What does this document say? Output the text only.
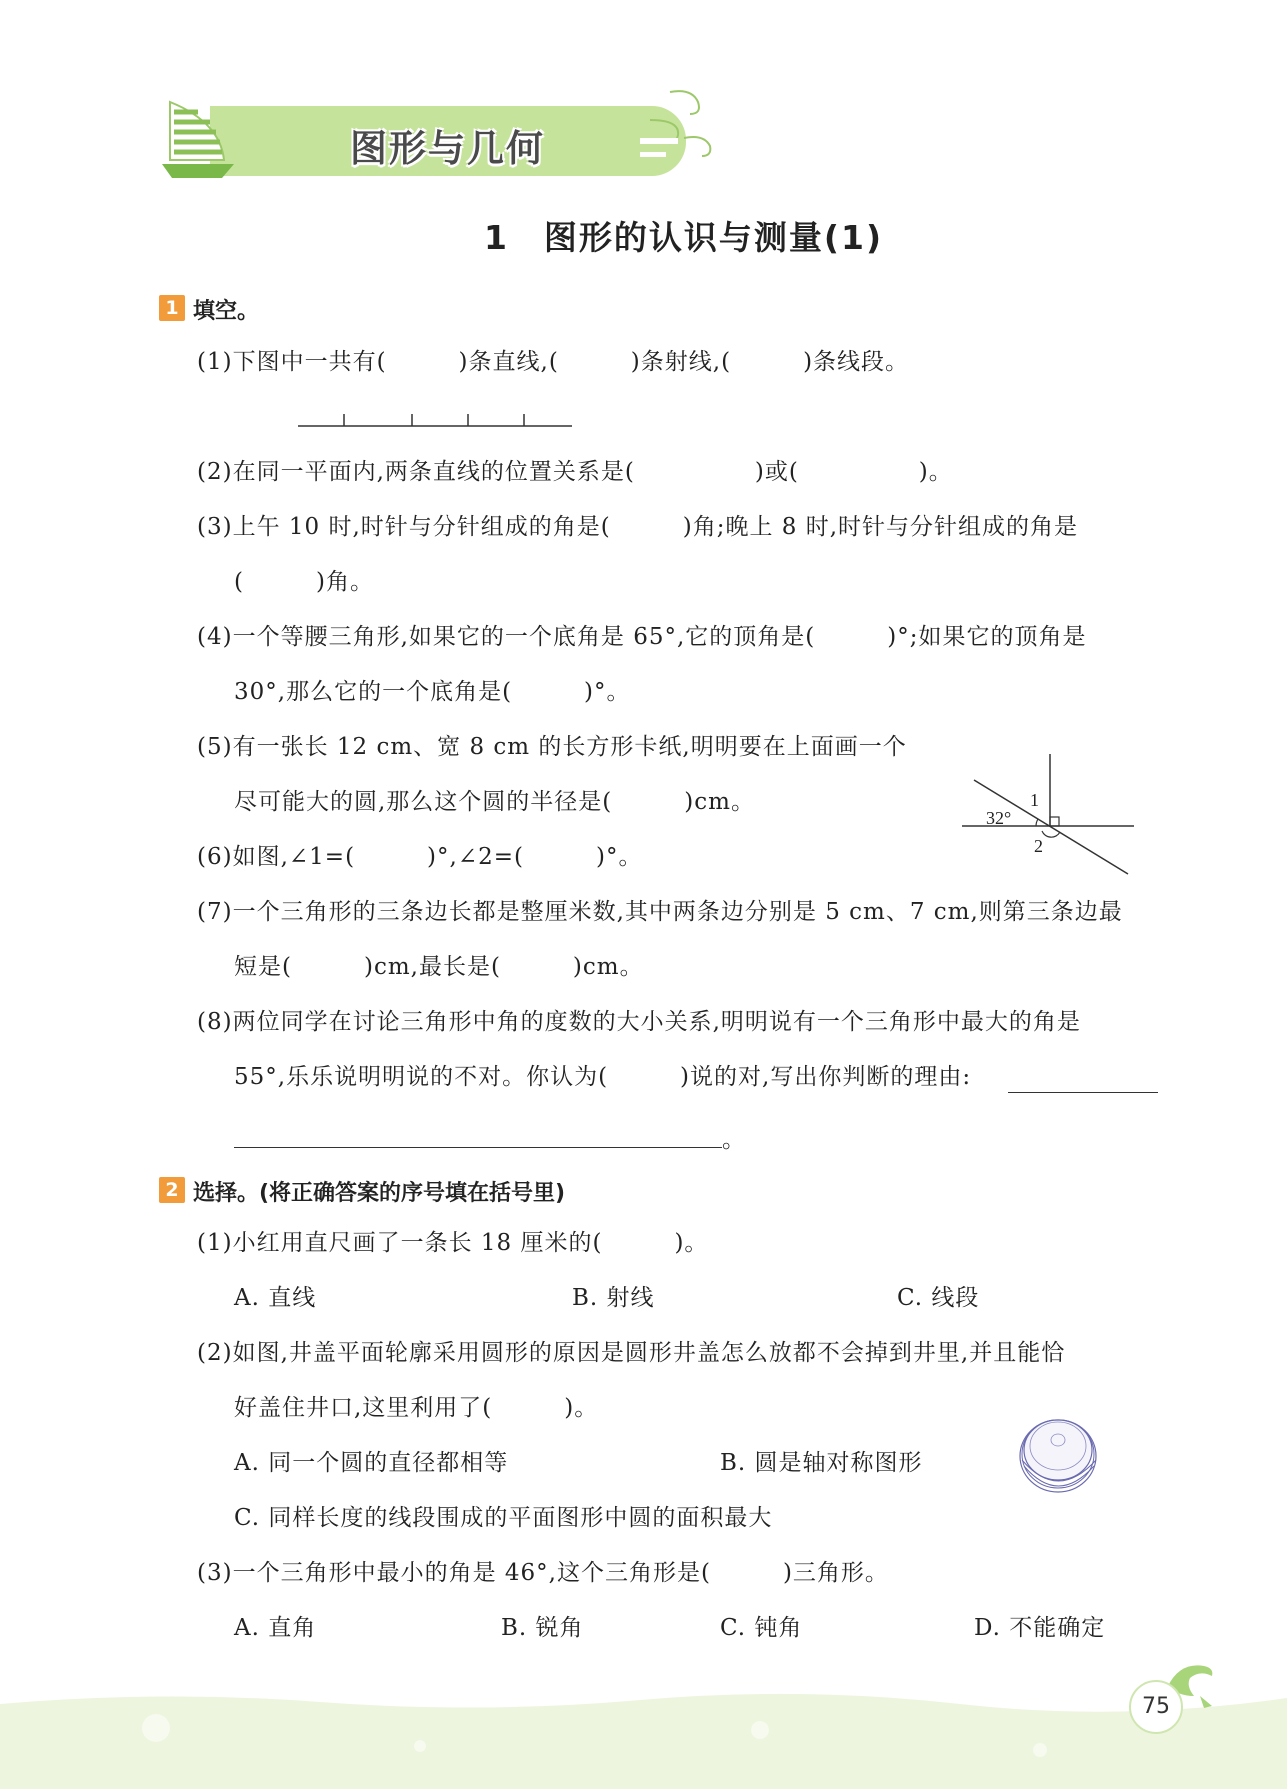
图形与几何
1　图形的认识与测量(1)
1 填空。
(1)下图中一共有(　　　)条直线,(　　　)条射线,(　　　)条线段。
(2)在同一平面内,两条直线的位置关系是(　　　　　)或(　　　　　)。
(3)上午 10 时,时针与分针组成的角是(　　　)角;晚上 8 时,时针与分针组成的角是
(　　　)角。
(4)一个等腰三角形,如果它的一个底角是 65°,它的顶角是(　　　)°;如果它的顶角是
30°,那么它的一个底角是(　　　)°。
(5)有一张长 12 cm、宽 8 cm 的长方形卡纸,明明要在上面画一个
尽可能大的圆,那么这个圆的半径是(　　　)cm。
32°
1
2
(6)如图,∠1=(　　　)°,∠2=(　　　)°。
(7)一个三角形的三条边长都是整厘米数,其中两条边分别是 5 cm、7 cm,则第三条边最
短是(　　　)cm,最长是(　　　)cm。
(8)两位同学在讨论三角形中角的度数的大小关系,明明说有一个三角形中最大的角是
55°,乐乐说明明说的不对。你认为(　　　)说的对,写出你判断的理由:
。
2 选择。(将正确答案的序号填在括号里)
(1)小红用直尺画了一条长 18 厘米的(　　　)。
A. 直线	B. 射线	C. 线段
(2)如图,井盖平面轮廓采用圆形的原因是圆形井盖怎么放都不会掉到井里,并且能恰
好盖住井口,这里利用了(　　　)。
A. 同一个圆的直径都相等	B. 圆是轴对称图形
C. 同样长度的线段围成的平面图形中圆的面积最大
(3)一个三角形中最小的角是 46°,这个三角形是(　　　)三角形。
A. 直角	B. 锐角	C. 钝角	D. 不能确定
75
